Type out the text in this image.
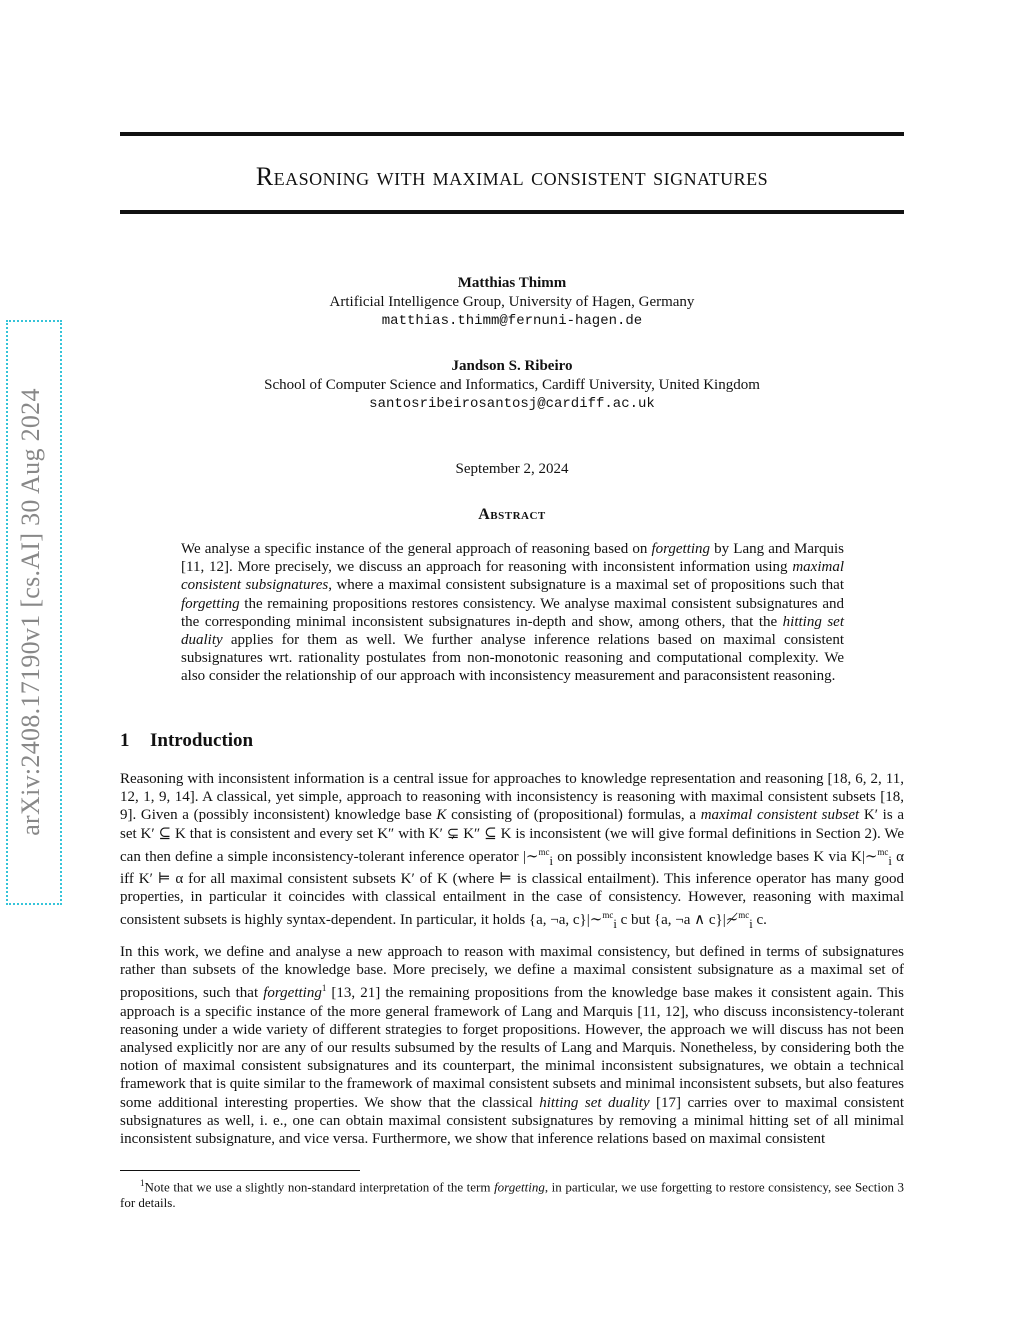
arXiv:2408.17190v1 [cs.AI] 30 Aug 2024
Reasoning with maximal consistent signatures
Matthias Thimm
Artificial Intelligence Group, University of Hagen, Germany
matthias.thimm@fernuni-hagen.de
Jandson S. Ribeiro
School of Computer Science and Informatics, Cardiff University, United Kingdom
santosribeirosantosj@cardiff.ac.uk
September 2, 2024
Abstract
We analyse a specific instance of the general approach of reasoning based on forgetting by Lang and Marquis [11, 12]. More precisely, we discuss an approach for reasoning with inconsistent information using maximal consistent subsignatures, where a maximal consistent subsignature is a maximal set of propositions such that forgetting the remaining propositions restores consistency. We analyse maximal consistent subsignatures and the corresponding minimal inconsistent subsignatures in-depth and show, among others, that the hitting set duality applies for them as well. We further analyse inference relations based on maximal consistent subsignatures wrt. rationality postulates from non-monotonic reasoning and computational complexity. We also consider the relationship of our approach with inconsistency measurement and paraconsistent reasoning.
1 Introduction
Reasoning with inconsistent information is a central issue for approaches to knowledge representation and reasoning [18, 6, 2, 11, 12, 1, 9, 14]. A classical, yet simple, approach to reasoning with inconsistency is reasoning with maximal consistent subsets [18, 9]. Given a (possibly inconsistent) knowledge base K consisting of (propositional) formulas, a maximal consistent subset K′ is a set K′ ⊆ K that is consistent and every set K″ with K′ ⊊ K″ ⊆ K is inconsistent (we will give formal definitions in Section 2). We can then define a simple inconsistency-tolerant inference operator |∼$^{mc}_i$ on possibly inconsistent knowledge bases K via K|∼$^{mc}_i$ α iff K′ ⊨ α for all maximal consistent subsets K′ of K (where ⊨ is classical entailment). This inference operator has many good properties, in particular it coincides with classical entailment in the case of consistency. However, reasoning with maximal consistent subsets is highly syntax-dependent. In particular, it holds {a, ¬a, c}|∼$^{mc}_i$ c but {a, ¬a ∧ c}|≁$^{mc}_i$ c.
In this work, we define and analyse a new approach to reason with maximal consistency, but defined in terms of subsignatures rather than subsets of the knowledge base. More precisely, we define a maximal consistent subsignature as a maximal set of propositions, such that forgetting$^1$ [13, 21] the remaining propositions from the knowledge base makes it consistent again. This approach is a specific instance of the more general framework of Lang and Marquis [11, 12], who discuss inconsistency-tolerant reasoning under a wide variety of different strategies to forget propositions. However, the approach we will discuss has not been analysed explicitly nor are any of our results subsumed by the results of Lang and Marquis. Nonetheless, by considering both the notion of maximal consistent subsignatures and its counterpart, the minimal inconsistent subsignatures, we obtain a technical framework that is quite similar to the framework of maximal consistent subsets and minimal inconsistent subsets, but also features some additional interesting properties. We show that the classical hitting set duality [17] carries over to maximal consistent subsignatures as well, i. e., one can obtain maximal consistent subsignatures by removing a minimal hitting set of all minimal inconsistent subsignature, and vice versa. Furthermore, we show that inference relations based on maximal consistent
$^1$Note that we use a slightly non-standard interpretation of the term forgetting, in particular, we use forgetting to restore consistency, see Section 3 for details.
